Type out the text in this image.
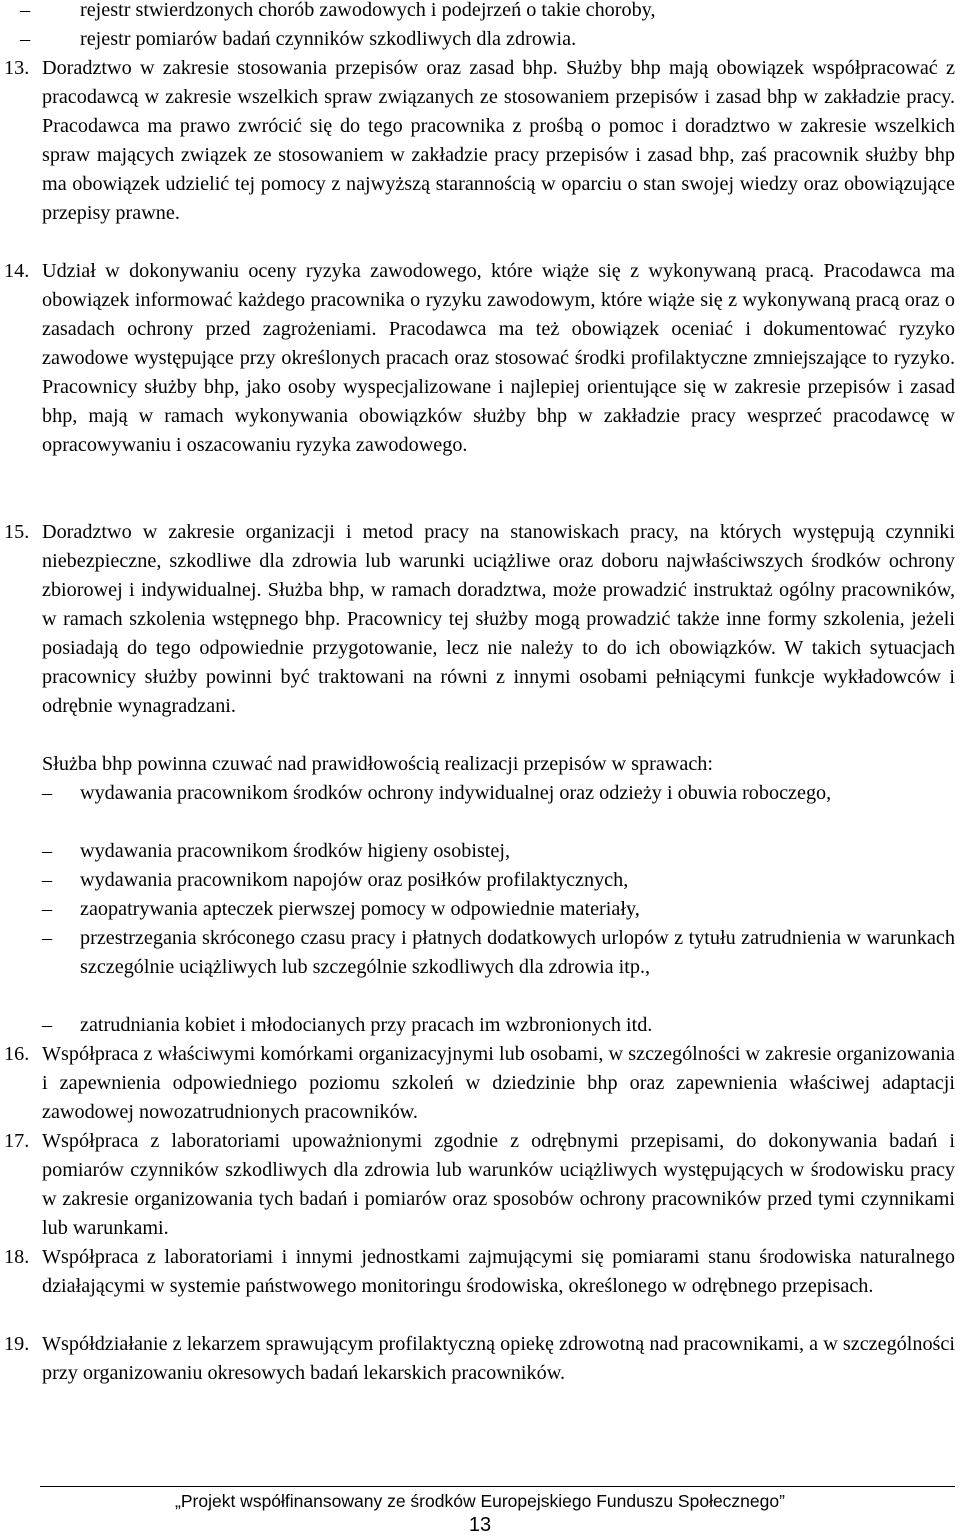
– rejestr stwierdzonych chorób zawodowych i podejrzeń o takie choroby,
– rejestr pomiarów badań czynników szkodliwych dla zdrowia.
13. Doradztwo w zakresie stosowania przepisów oraz zasad bhp. Służby bhp mają obowiązek współpracować z pracodawcą w zakresie wszelkich spraw związanych ze stosowaniem przepisów i zasad bhp w zakładzie pracy. Pracodawca ma prawo zwrócić się do tego pracownika z prośbą o pomoc i doradztwo w zakresie wszelkich spraw mających związek ze stosowaniem w zakładzie pracy przepisów i zasad bhp, zaś pracownik służby bhp ma obowiązek udzielić tej pomocy z najwyższą starannością w oparciu o stan swojej wiedzy oraz obowiązujące przepisy prawne.
14. Udział w dokonywaniu oceny ryzyka zawodowego, które wiąże się z wykonywaną pracą. Pracodawca ma obowiązek informować każdego pracownika o ryzyku zawodowym, które wiąże się z wykonywaną pracą oraz o zasadach ochrony przed zagrożeniami. Pracodawca ma też obowiązek oceniać i dokumentować ryzyko zawodowe występujące przy określonych pracach oraz stosować środki profilaktyczne zmniejszające to ryzyko. Pracownicy służby bhp, jako osoby wyspecjalizowane i najlepiej orientujące się w zakresie przepisów i zasad bhp, mają w ramach wykonywania obowiązków służby bhp w zakładzie pracy wesprzeć pracodawcę w opracowywaniu i oszacowaniu ryzyka zawodowego.
15. Doradztwo w zakresie organizacji i metod pracy na stanowiskach pracy, na których występują czynniki niebezpieczne, szkodliwe dla zdrowia lub warunki uciążliwe oraz doboru najwłaściwszych środków ochrony zbiorowej i indywidualnej. Służba bhp, w ramach doradztwa, może prowadzić instruktaż ogólny pracowników, w ramach szkolenia wstępnego bhp. Pracownicy tej służby mogą prowadzić także inne formy szkolenia, jeżeli posiadają do tego odpowiednie przygotowanie, lecz nie należy to do ich obowiązków. W takich sytuacjach pracownicy służby powinni być traktowani na równi z innymi osobami pełniącymi funkcje wykładowców i odrębnie wynagradzani.
Służba bhp powinna czuwać nad prawidłowością realizacji przepisów w sprawach:
– wydawania pracownikom środków ochrony indywidualnej oraz odzieży i obuwia roboczego,
– wydawania pracownikom środków higieny osobistej,
– wydawania pracownikom napojów oraz posiłków profilaktycznych,
– zaopatrywania apteczek pierwszej pomocy w odpowiednie materiały,
– przestrzegania skróconego czasu pracy i płatnych dodatkowych urlopów z tytułu zatrudnienia w warunkach szczególnie uciążliwych lub szczególnie szkodliwych dla zdrowia itp.,
– zatrudniania kobiet i młodocianych przy pracach im wzbronionych itd.
16. Współpraca z właściwymi komórkami organizacyjnymi lub osobami, w szczególności w zakresie organizowania i zapewnienia odpowiedniego poziomu szkoleń w dziedzinie bhp oraz zapewnienia właściwej adaptacji zawodowej nowozatrudnionych pracowników.
17. Współpraca z laboratoriami upoważnionymi zgodnie z odrębnymi przepisami, do dokonywania badań i pomiarów czynników szkodliwych dla zdrowia lub warunków uciążliwych występujących w środowisku pracy w zakresie organizowania tych badań i pomiarów oraz sposobów ochrony pracowników przed tymi czynnikami lub warunkami.
18. Współpraca z laboratoriami i innymi jednostkami zajmującymi się pomiarami stanu środowiska naturalnego działającymi w systemie państwowego monitoringu środowiska, określonego w odrębnego przepisach.
19. Współdziałanie z lekarzem sprawującym profilaktyczną opiekę zdrowotną nad pracownikami, a w szczególności przy organizowaniu okresowych badań lekarskich pracowników.
„Projekt współfinansowany ze środków Europejskiego Funduszu Społecznego”
13
